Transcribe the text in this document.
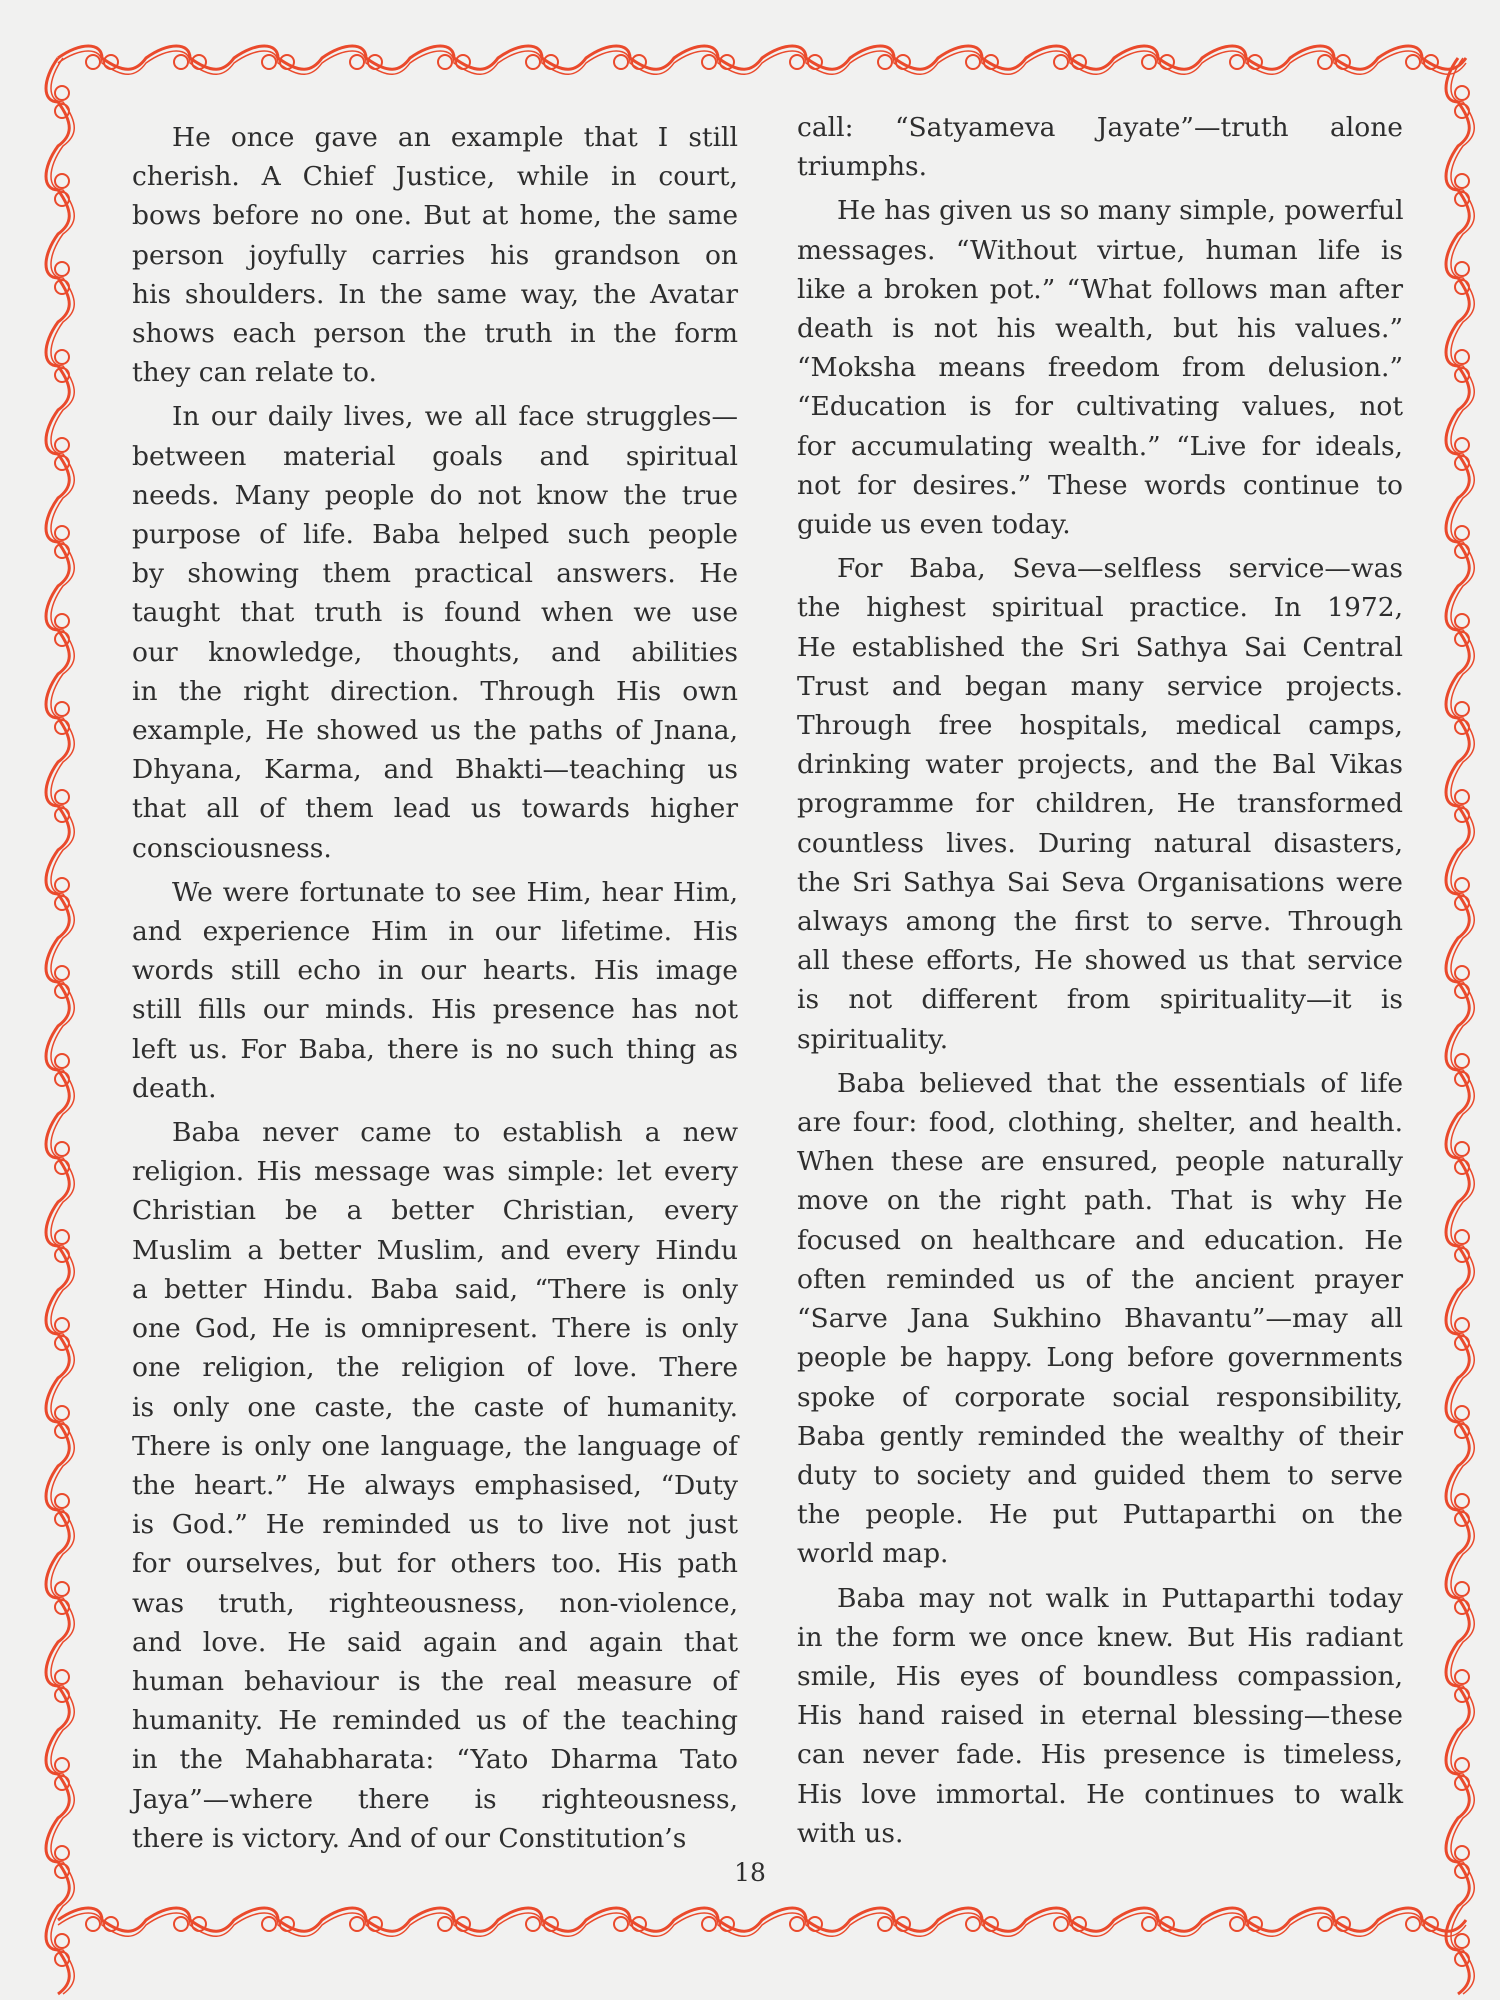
He once gave an example that I still
cherish. A Chief Justice, while in court,
bows before no one. But at home, the same
person joyfully carries his grandson on
his shoulders. In the same way, the Avatar
shows each person the truth in the form
they can relate to.
In our daily lives, we all face struggles—
between material goals and spiritual
needs. Many people do not know the true
purpose of life. Baba helped such people
by showing them practical answers. He
taught that truth is found when we use
our knowledge, thoughts, and abilities
in the right direction. Through His own
example, He showed us the paths of Jnana,
Dhyana, Karma, and Bhakti—teaching us
that all of them lead us towards higher
consciousness.
We were fortunate to see Him, hear Him,
and experience Him in our lifetime. His
words still echo in our hearts. His image
still fills our minds. His presence has not
left us. For Baba, there is no such thing as
death.
Baba never came to establish a new
religion. His message was simple: let every
Christian be a better Christian, every
Muslim a better Muslim, and every Hindu
a better Hindu. Baba said, “There is only
one God, He is omnipresent. There is only
one religion, the religion of love. There
is only one caste, the caste of humanity.
There is only one language, the language of
the heart.” He always emphasised, “Duty
is God.” He reminded us to live not just
for ourselves, but for others too. His path
was truth, righteousness, non-violence,
and love. He said again and again that
human behaviour is the real measure of
humanity. He reminded us of the teaching
in the Mahabharata: “Yato Dharma Tato
Jaya”—where there is righteousness,
there is victory. And of our Constitution’s
call: “Satyameva Jayate”—truth alone
triumphs.
He has given us so many simple, powerful
messages. “Without virtue, human life is
like a broken pot.” “What follows man after
death is not his wealth, but his values.”
“Moksha means freedom from delusion.”
“Education is for cultivating values, not
for accumulating wealth.” “Live for ideals,
not for desires.” These words continue to
guide us even today.
For Baba, Seva—selfless service—was
the highest spiritual practice. In 1972,
He established the Sri Sathya Sai Central
Trust and began many service projects.
Through free hospitals, medical camps,
drinking water projects, and the Bal Vikas
programme for children, He transformed
countless lives. During natural disasters,
the Sri Sathya Sai Seva Organisations were
always among the first to serve. Through
all these efforts, He showed us that service
is not different from spirituality—it is
spirituality.
Baba believed that the essentials of life
are four: food, clothing, shelter, and health.
When these are ensured, people naturally
move on the right path. That is why He
focused on healthcare and education. He
often reminded us of the ancient prayer
“Sarve Jana Sukhino Bhavantu”—may all
people be happy. Long before governments
spoke of corporate social responsibility,
Baba gently reminded the wealthy of their
duty to society and guided them to serve
the people. He put Puttaparthi on the
world map.
Baba may not walk in Puttaparthi today
in the form we once knew. But His radiant
smile, His eyes of boundless compassion,
His hand raised in eternal blessing—these
can never fade. His presence is timeless,
His love immortal. He continues to walk
with us.
18
